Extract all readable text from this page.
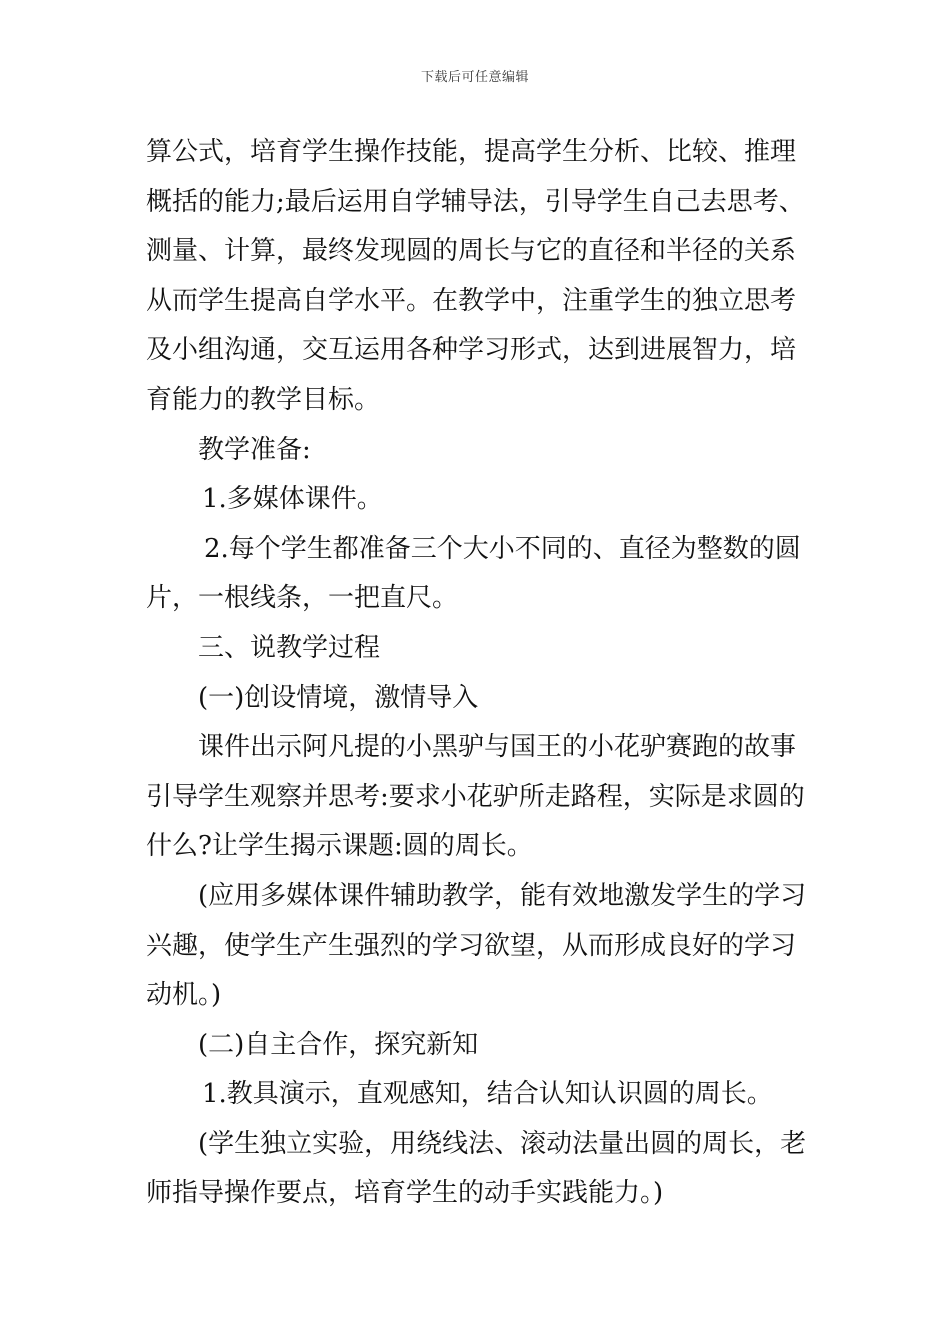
下载后可任意编辑
算公式，培育学生操作技能，提高学生分析、比较、推理
概括的能力;最后运用自学辅导法，引导学生自己去思考、
测量、计算，最终发现圆的周长与它的直径和半径的关系
从而学生提高自学水平。在教学中，注重学生的独立思考
及小组沟通，交互运用各种学习形式，达到进展智力，培
育能力的教学目标。
教学准备:
1.多媒体课件。
2.每个学生都准备三个大小不同的、直径为整数的圆
片，一根线条，一把直尺。
三、说教学过程
(一)创设情境，激情导入
课件出示阿凡提的小黑驴与国王的小花驴赛跑的故事
引导学生观察并思考:要求小花驴所走路程，实际是求圆的
什么?让学生揭示课题:圆的周长。
(应用多媒体课件辅助教学，能有效地激发学生的学习
兴趣，使学生产生强烈的学习欲望，从而形成良好的学习
动机。)
(二)自主合作，探究新知
1.教具演示，直观感知，结合认知认识圆的周长。
(学生独立实验，用绕线法、滚动法量出圆的周长，老
师指导操作要点，培育学生的动手实践能力。)
